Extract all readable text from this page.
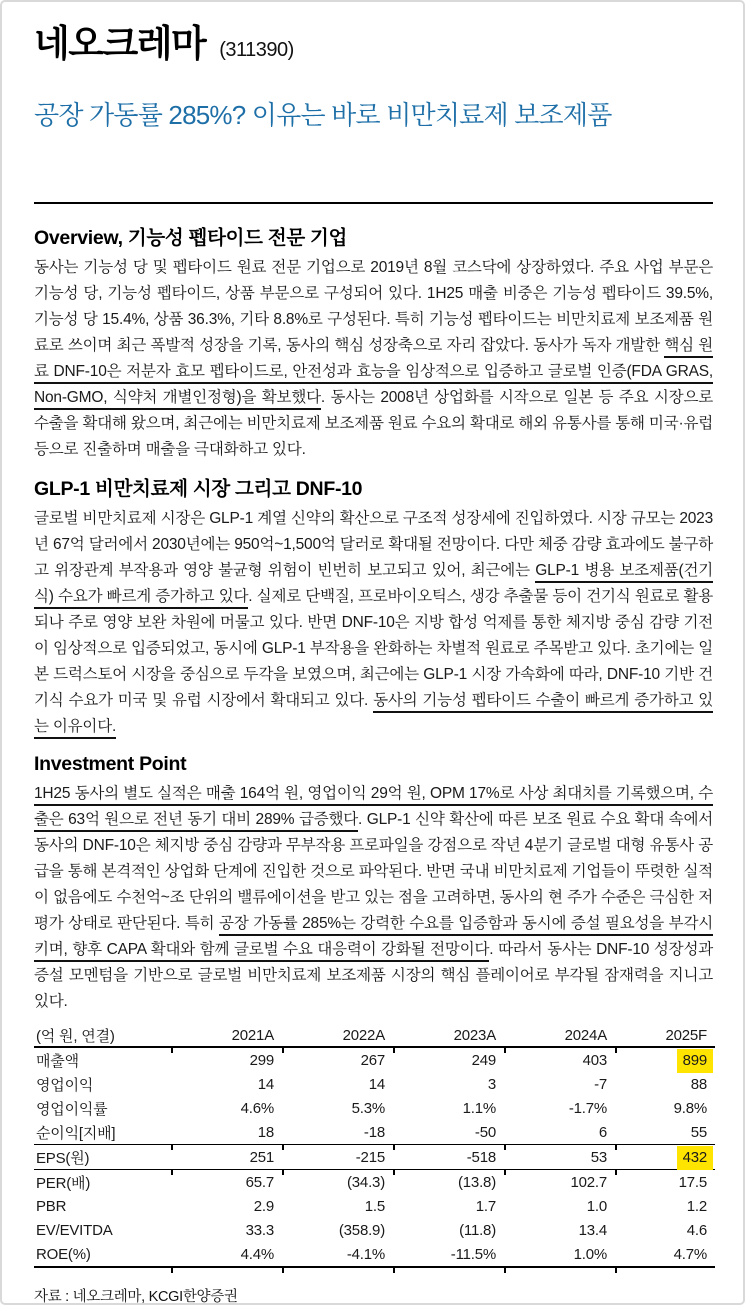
네오크레마 (311390)
공장 가동률 285%? 이유는 바로 비만치료제 보조제품
Overview, 기능성 펩타이드 전문 기업

동사는 기능성 당 및 펩타이드 원료 전문 기업으로 2019년 8월 코스닥에 상장하였다. 주요 사업 부문은 기능성 당, 기능성 펩타이드, 상품 부문으로 구성되어 있다. 1H25 매출 비중은 기능성 펩타이드 39.5%, 기능성 당 15.4%, 상품 36.3%, 기타 8.8%로 구성된다. 특히 기능성 펩타이드는 비만치료제 보조제품 원료로 쓰이며 최근 폭발적 성장을 기록, 동사의 핵심 성장축으로 자리 잡았다. 동사가 독자 개발한 핵심 원료 DNF-10은 저분자 효모 펩타이드로, 안전성과 효능을 임상적으로 입증하고 글로벌 인증(FDA GRAS, Non-GMO, 식약처 개별인정형)을 확보했다. 동사는 2008년 상업화를 시작으로 일본 등 주요 시장으로 수출을 확대해 왔으며, 최근에는 비만치료제 보조제품 원료 수요의 확대로 해외 유통사를 통해 미국·유럽 등으로 진출하며 매출을 극대화하고 있다.

GLP-1 비만치료제 시장 그리고 DNF-10

글로벌 비만치료제 시장은 GLP-1 계열 신약의 확산으로 구조적 성장세에 진입하였다. 시장 규모는 2023년 67억 달러에서 2030년에는 950억~1,500억 달러로 확대될 전망이다. 다만 체중 감량 효과에도 불구하고 위장관계 부작용과 영양 불균형 위험이 빈번히 보고되고 있어, 최근에는 GLP-1 병용 보조제품(건기식) 수요가 빠르게 증가하고 있다. 실제로 단백질, 프로바이오틱스, 생강 추출물 등이 건기식 원료로 활용되나 주로 영양 보완 차원에 머물고 있다. 반면 DNF-10은 지방 합성 억제를 통한 체지방 중심 감량 기전이 임상적으로 입증되었고, 동시에 GLP-1 부작용을 완화하는 차별적 원료로 주목받고 있다. 초기에는 일본 드럭스토어 시장을 중심으로 두각을 보였으며, 최근에는 GLP-1 시장 가속화에 따라, DNF-10 기반 건기식 수요가 미국 및 유럽 시장에서 확대되고 있다. 동사의 기능성 펩타이드 수출이 빠르게 증가하고 있는 이유이다.

Investment Point

1H25 동사의 별도 실적은 매출 164억 원, 영업이익 29억 원, OPM 17%로 사상 최대치를 기록했으며, 수출은 63억 원으로 전년 동기 대비 289% 급증했다. GLP-1 신약 확산에 따른 보조 원료 수요 확대 속에서 동사의 DNF-10은 체지방 중심 감량과 무부작용 프로파일을 강점으로 작년 4분기 글로벌 대형 유통사 공급을 통해 본격적인 상업화 단계에 진입한 것으로 파악된다. 반면 국내 비만치료제 기업들이 뚜렷한 실적이 없음에도 수천억~조 단위의 밸류에이션을 받고 있는 점을 고려하면, 동사의 현 주가 수준은 극심한 저평가 상태로 판단된다. 특히 공장 가동률 285%는 강력한 수요를 입증함과 동시에 증설 필요성을 부각시키며, 향후 CAPA 확대와 함께 글로벌 수요 대응력이 강화될 전망이다. 따라서 동사는 DNF-10 성장성과 증설 모멘텀을 기반으로 글로벌 비만치료제 보조제품 시장의 핵심 플레이어로 부각될 잠재력을 지니고 있다.

(억 원, 연결)	2021A	2022A	2023A	2024A	2025F
매출액	299	267	249	403	899
영업이익	14	14	3	-7	88
영업이익률	4.6%	5.3%	1.1%	-1.7%	9.8%
순이익[지배]	18	-18	-50	6	55
EPS(원)	251	-215	-518	53	432
PER(배)	65.7	(34.3)	(13.8)	102.7	17.5
PBR	2.9	1.5	1.7	1.0	1.2
EV/EVITDA	33.3	(358.9)	(11.8)	13.4	4.6
ROE(%)	4.4%	-4.1%	-11.5%	1.0%	4.7%

자료 : 네오크레마, KCGI한양증권
